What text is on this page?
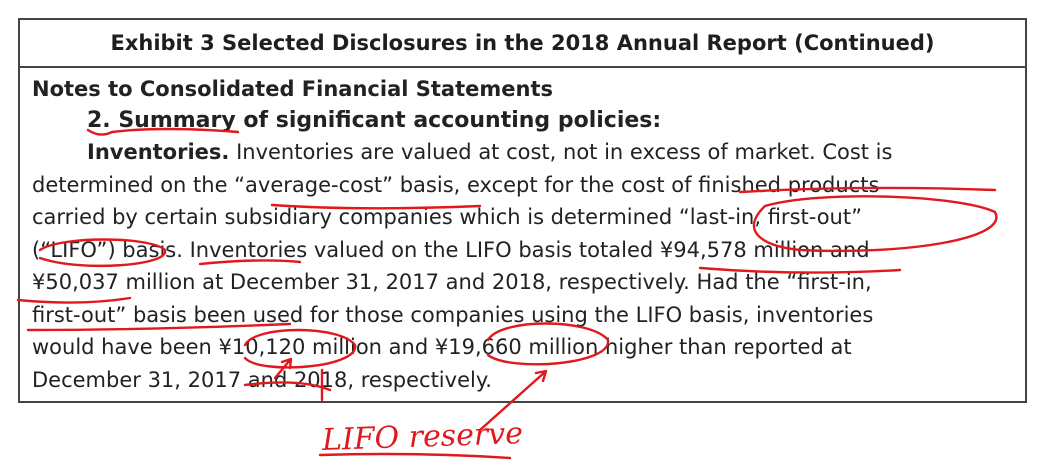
Exhibit 3 Selected Disclosures in the 2018 Annual Report (Continued)
Notes to Consolidated Financial Statements
2. Summary of significant accounting policies:
Inventories. Inventories are valued at cost, not in excess of market. Cost is
determined on the “average-cost” basis, except for the cost of finished products
carried by certain subsidiary companies which is determined “last-in, first-out”
(“LIFO”) basis. Inventories valued on the LIFO basis totaled ¥94,578 million and
¥50,037 million at December 31, 2017 and 2018, respectively. Had the “first-in,
first-out” basis been used for those companies using the LIFO basis, inventories
would have been ¥10,120 million and ¥19,660 million higher than reported at
December 31, 2017 and 2018, respectively.
LIFO reserve
